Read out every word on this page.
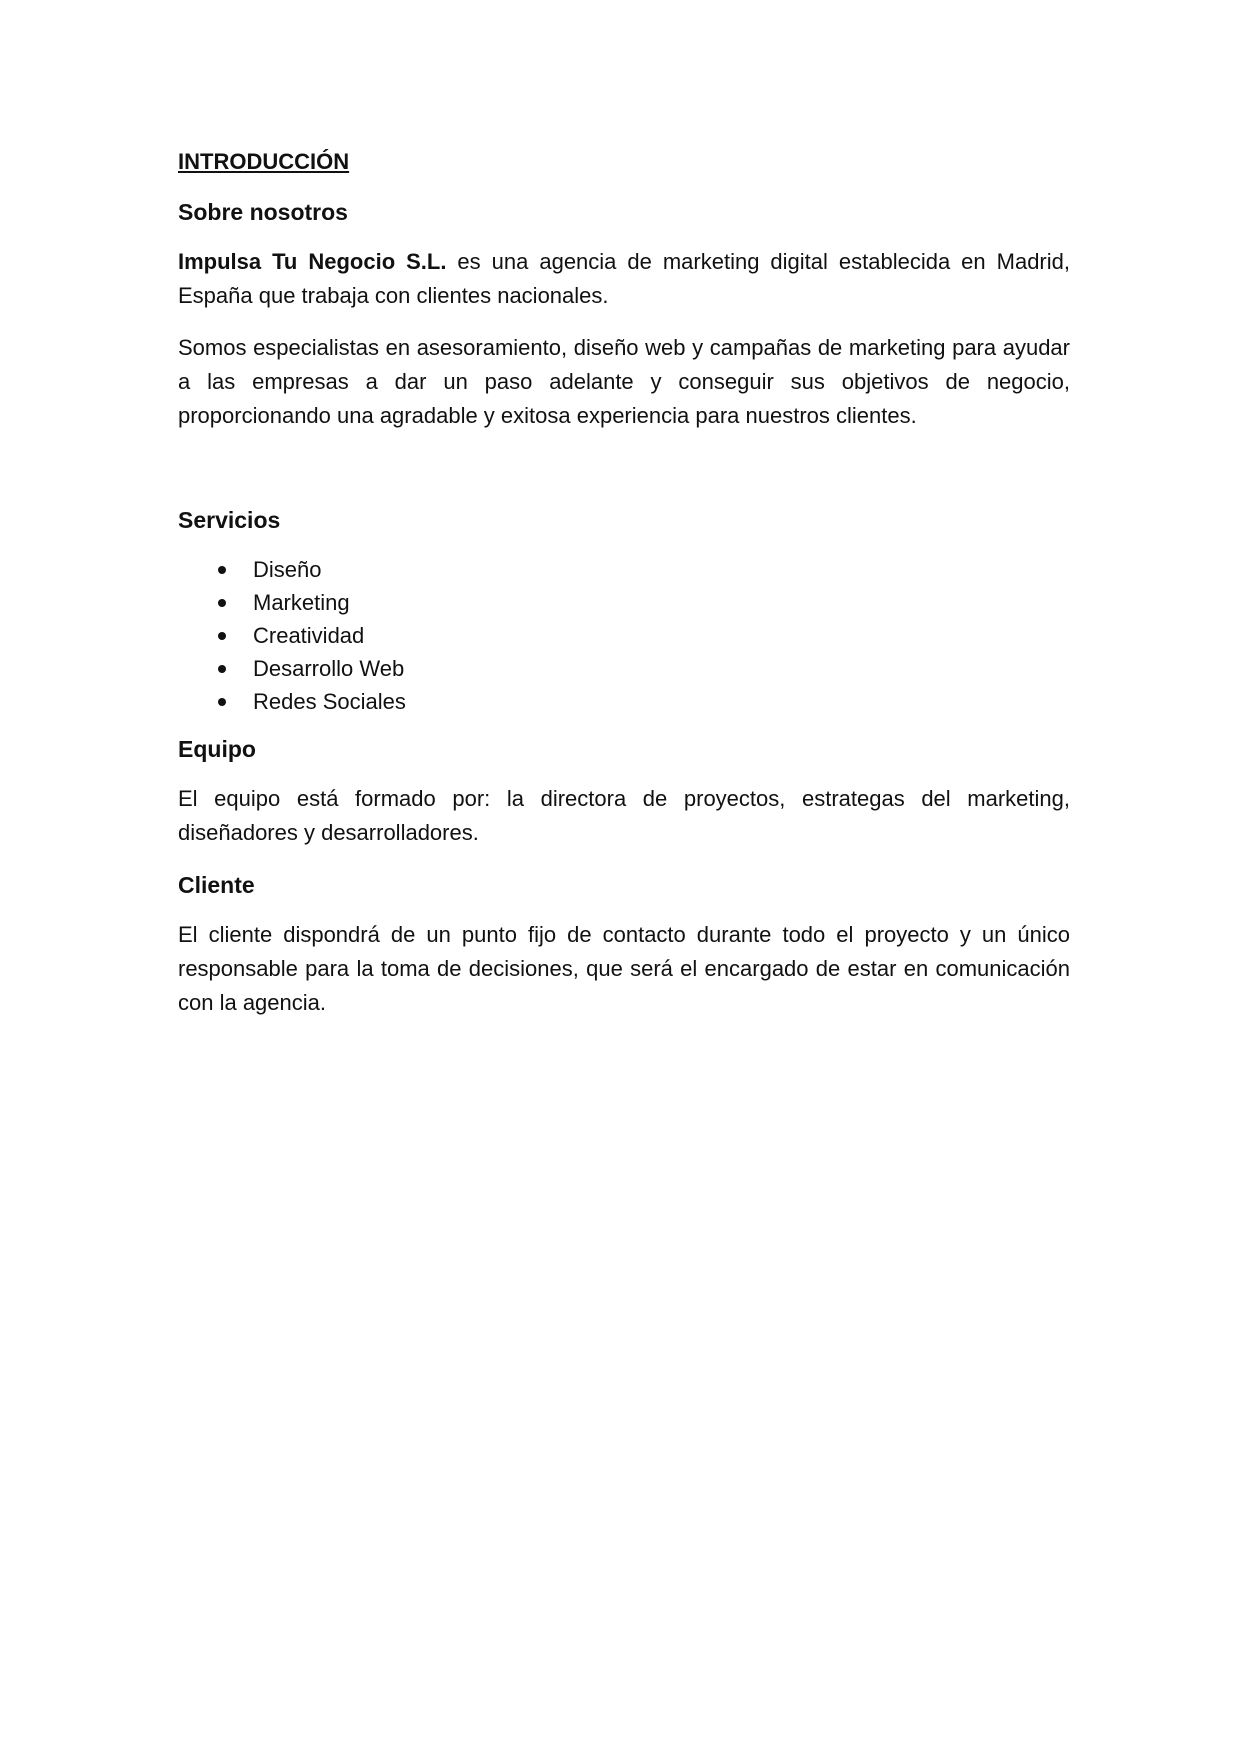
INTRODUCCIÓN
Sobre nosotros

Impulsa Tu Negocio S.L. es una agencia de marketing digital establecida en Madrid, España que trabaja con clientes nacionales.

Somos especialistas en asesoramiento, diseño web y campañas de marketing para ayudar a las empresas a dar un paso adelante y conseguir sus objetivos de negocio, proporcionando una agradable y exitosa experiencia para nuestros clientes.

Servicios
Diseño
Marketing
Creatividad
Desarrollo Web
Redes Sociales
Equipo

El equipo está formado por: la directora de proyectos, estrategas del marketing, diseñadores y desarrolladores.

Cliente

El cliente dispondrá de un punto fijo de contacto durante todo el proyecto y un único responsable para la toma de decisiones, que será el encargado de estar en comunicación con la agencia.
